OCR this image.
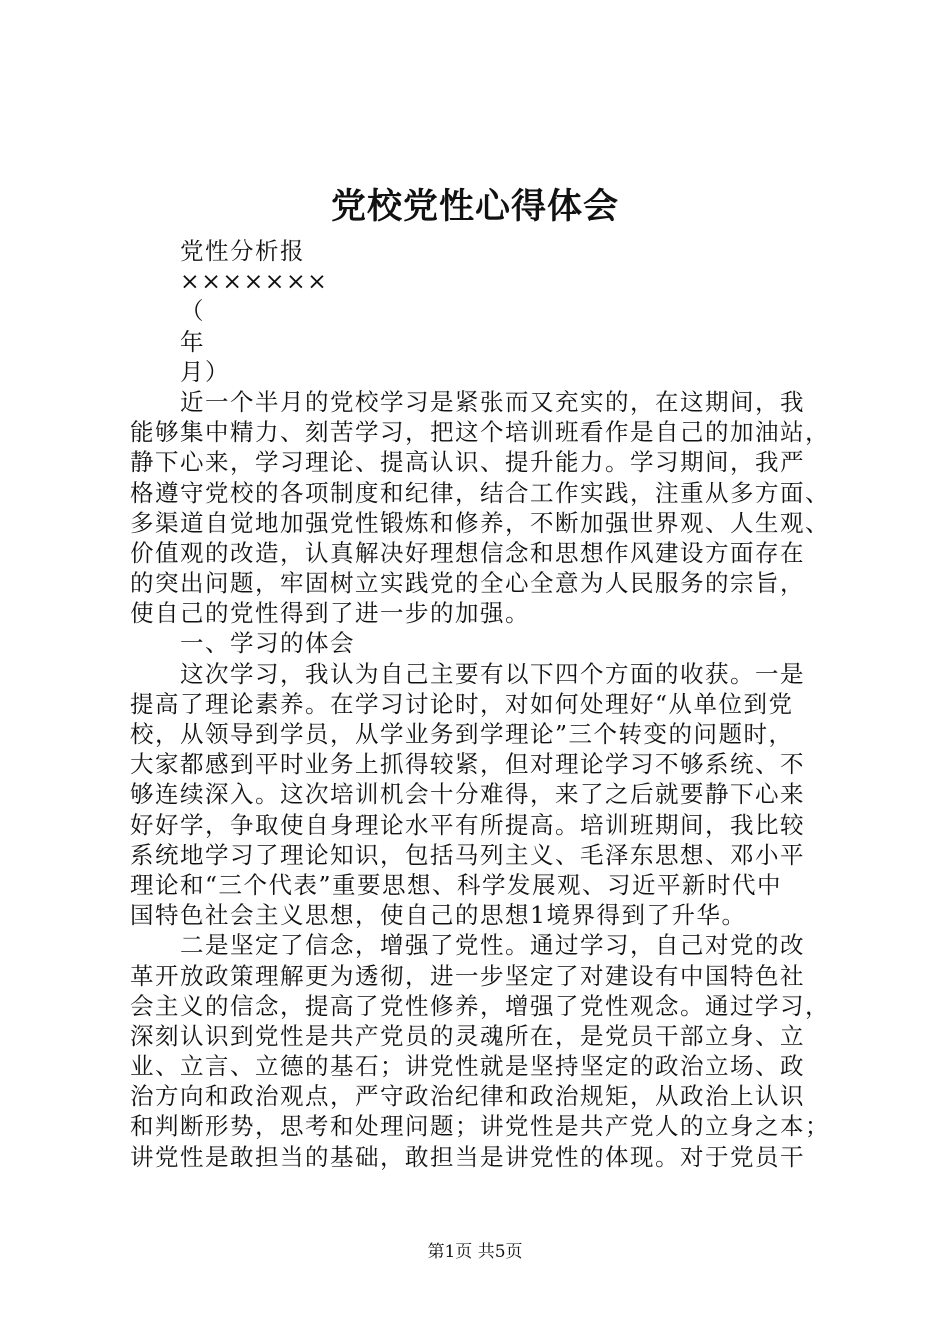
党校党性心得体会
党性分析报
×××××××
（
年
月）
近一个半月的党校学习是紧张而又充实的，在这期间，我
能够集中精力、刻苦学习，把这个培训班看作是自己的加油站，
静下心来，学习理论、提高认识、提升能力。学习期间，我严
格遵守党校的各项制度和纪律，结合工作实践，注重从多方面、
多渠道自觉地加强党性锻炼和修养，不断加强世界观、人生观、
价值观的改造，认真解决好理想信念和思想作风建设方面存在
的突出问题，牢固树立实践党的全心全意为人民服务的宗旨，
使自己的党性得到了进一步的加强。
一、学习的体会
这次学习，我认为自己主要有以下四个方面的收获。一是
提高了理论素养。在学习讨论时，对如何处理好“从单位到党
校，从领导到学员，从学业务到学理论”三个转变的问题时，
大家都感到平时业务上抓得较紧，但对理论学习不够系统、不
够连续深入。这次培训机会十分难得，来了之后就要静下心来
好好学，争取使自身理论水平有所提高。培训班期间，我比较
系统地学习了理论知识，包括马列主义、毛泽东思想、邓小平
理论和“三个代表”重要思想、科学发展观、习近平新时代中
国特色社会主义思想，使自己的思想1境界得到了升华。
二是坚定了信念，增强了党性。通过学习，自己对党的改
革开放政策理解更为透彻，进一步坚定了对建设有中国特色社
会主义的信念，提高了党性修养，增强了党性观念。通过学习，
深刻认识到党性是共产党员的灵魂所在，是党员干部立身、立
业、立言、立德的基石；讲党性就是坚持坚定的政治立场、政
治方向和政治观点，严守政治纪律和政治规矩，从政治上认识
和判断形势，思考和处理问题；讲党性是共产党人的立身之本；
讲党性是敢担当的基础，敢担当是讲党性的体现。对于党员干
第1页 共5页
